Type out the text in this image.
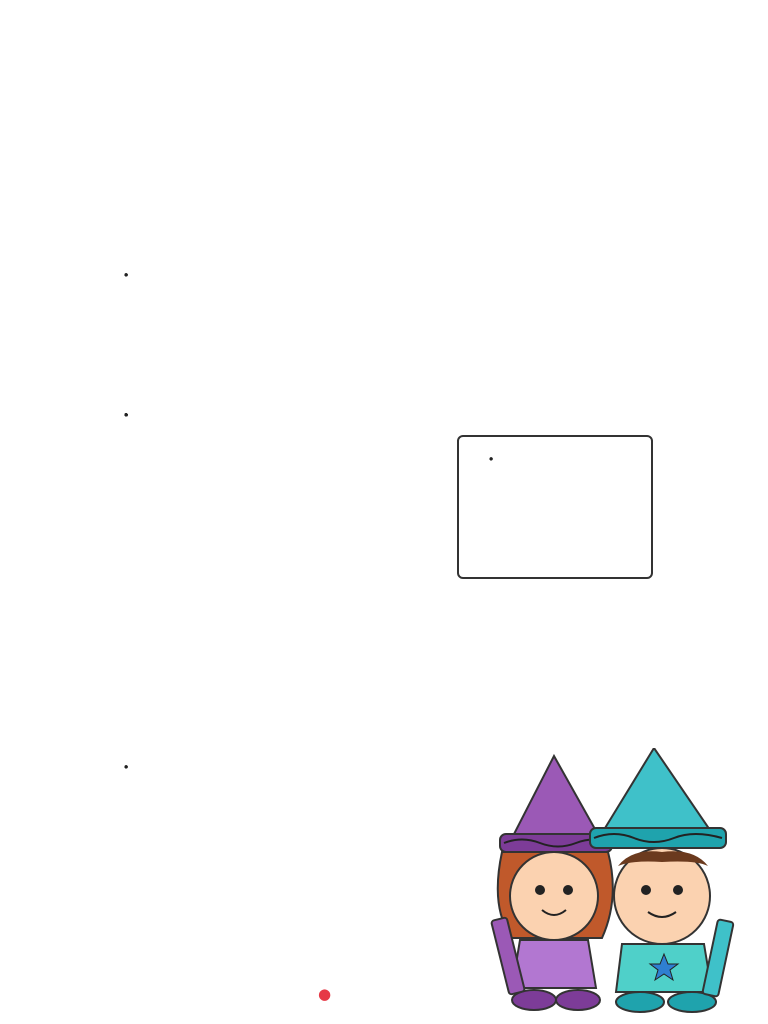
●
